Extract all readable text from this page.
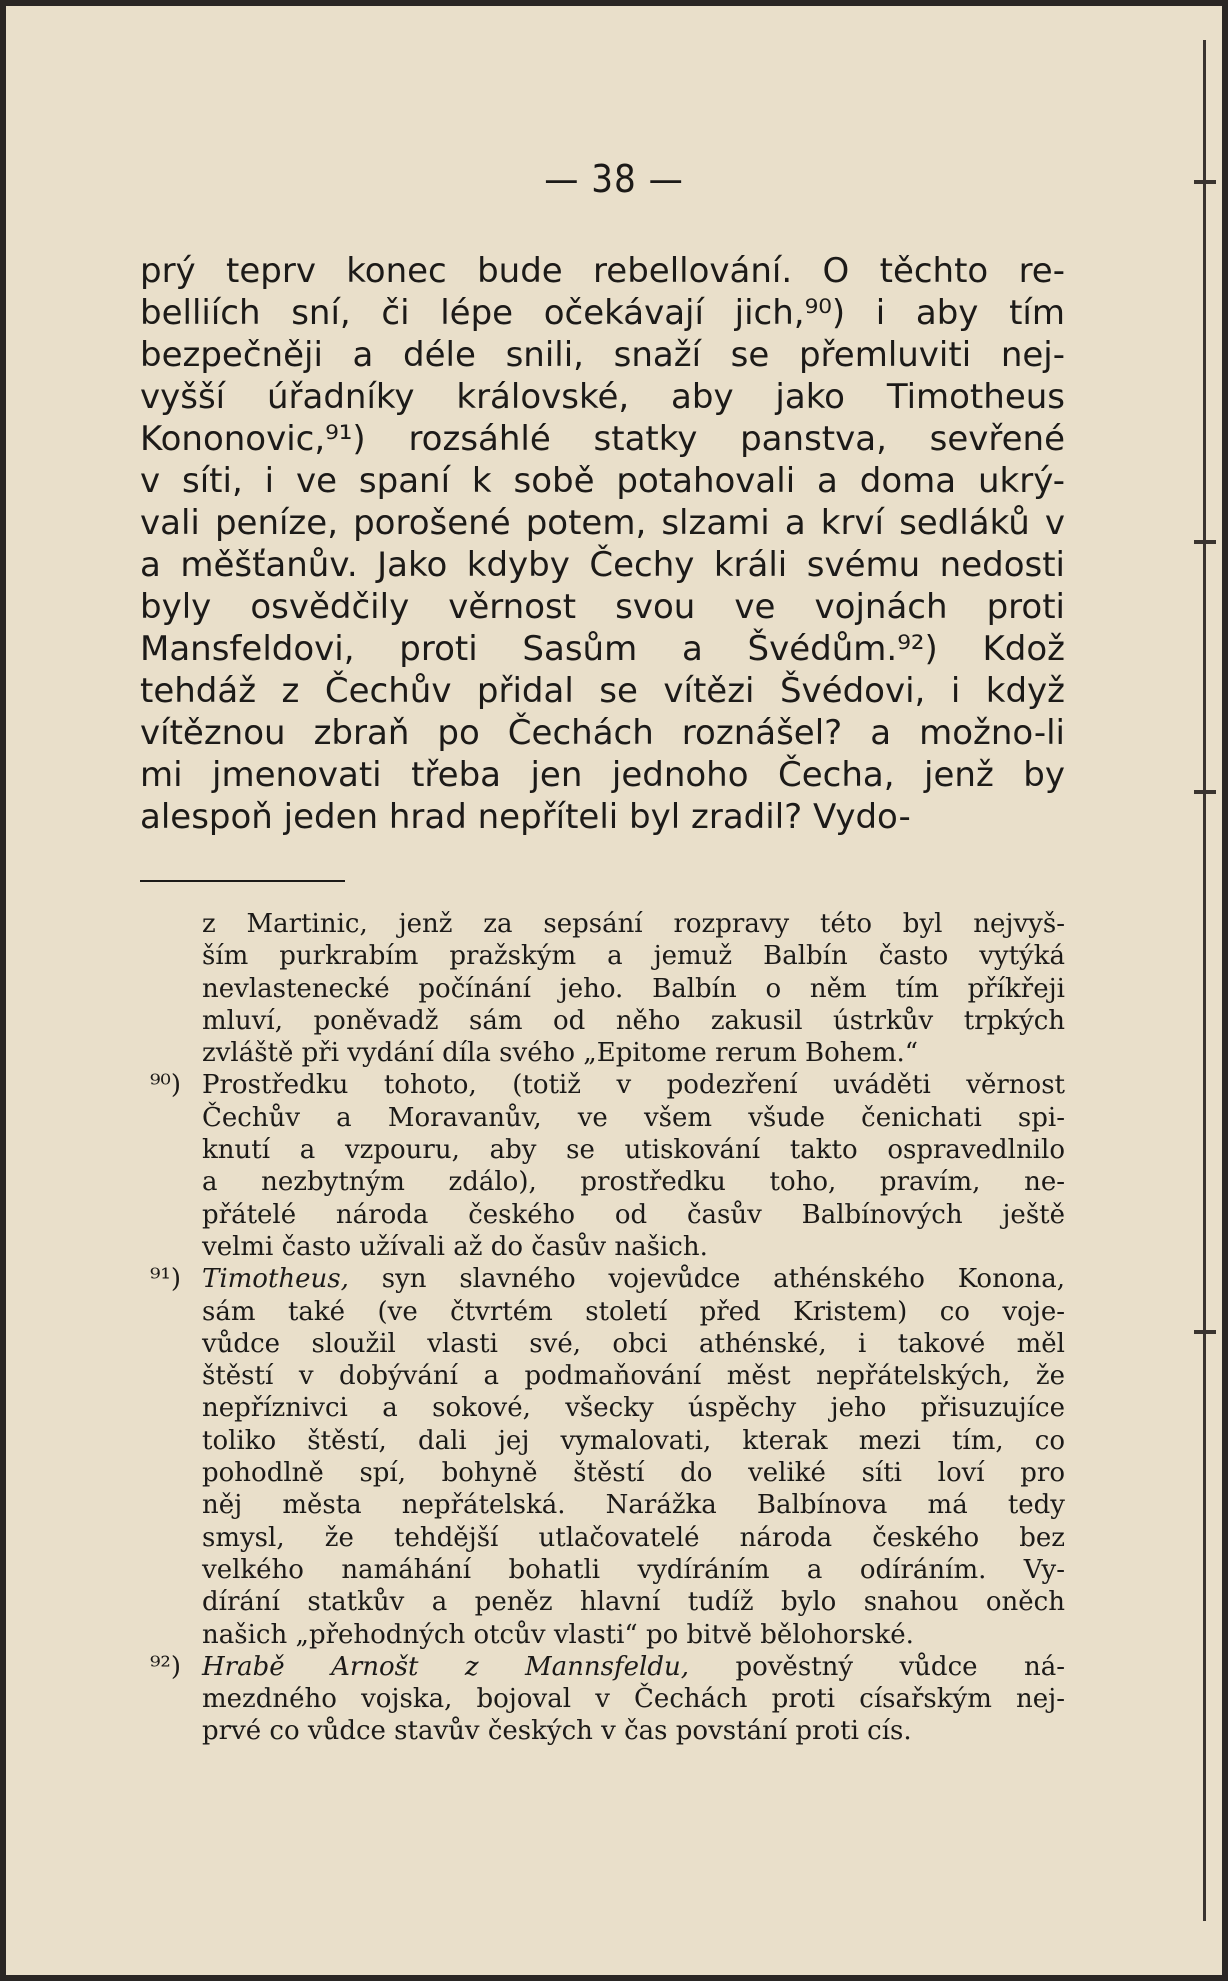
— 38 —
prý teprv konec bude rebellování. O těchto re-
belliích sní, či lépe očekávají jich,⁹⁰) i aby tím
bezpečněji a déle snili, snaží se přemluviti nej-
vyšší úřadníky královské, aby jako Timotheus
Kononovic,⁹¹) rozsáhlé statky panstva, sevřené
v síti, i ve spaní k sobě potahovali a doma ukrý-
vali peníze, porošené potem, slzami a krví sedláků v
a měšťanův. Jako kdyby Čechy králi svému nedosti
byly osvědčily věrnost svou ve vojnách proti
Mansfeldovi, proti Sasům a Švédům.⁹²) Kdož
tehdáž z Čechův přidal se vítězi Švédovi, i když
vítěznou zbraň po Čechách roznášel? a možno-li
mi jmenovati třeba jen jednoho Čecha, jenž by
alespoň jeden hrad nepříteli byl zradil? Vydo-
z Martinic, jenž za sepsání rozpravy této byl nejvyš-
ším purkrabím pražským a jemuž Balbín často vytýká
nevlastenecké počínání jeho. Balbín o něm tím příkřeji
mluví, poněvadž sám od něho zakusil ústrkův trpkých
zvláště při vydání díla svého „Epitome rerum Bohem.“
⁹⁰) Prostředku tohoto, (totiž v podezření uváděti věrnost
Čechův a Moravanův, ve všem všude čenichati spi-
knutí a vzpouru, aby se utiskování takto ospravedlnilo
a nezbytným zdálo), prostředku toho, pravím, ne-
přátelé národa českého od časův Balbínových ještě
velmi často užívali až do časův našich.
⁹¹) Timotheus, syn slavného vojevůdce athénského Konona,
sám také (ve čtvrtém století před Kristem) co voje-
vůdce sloužil vlasti své, obci athénské, i takové měl
štěstí v dobývání a podmaňování měst nepřátelských, že
nepříznivci a sokové, všecky úspěchy jeho přisuzujíce
toliko štěstí, dali jej vymalovati, kterak mezi tím, co
pohodlně spí, bohyně štěstí do veliké síti loví pro
něj města nepřátelská. Narážka Balbínova má tedy
smysl, že tehdější utlačovatelé národa českého bez
velkého namáhání bohatli vydíráním a odíráním. Vy-
dírání statkův a peněz hlavní tudíž bylo snahou oněch
našich „přehodných otcův vlasti“ po bitvě bělohorské.
⁹²) Hrabě Arnošt z Mannsfeldu, pověstný vůdce ná-
mezdného vojska, bojoval v Čechách proti císařským nej-
prvé co vůdce stavův českých v čas povstání proti cís.
